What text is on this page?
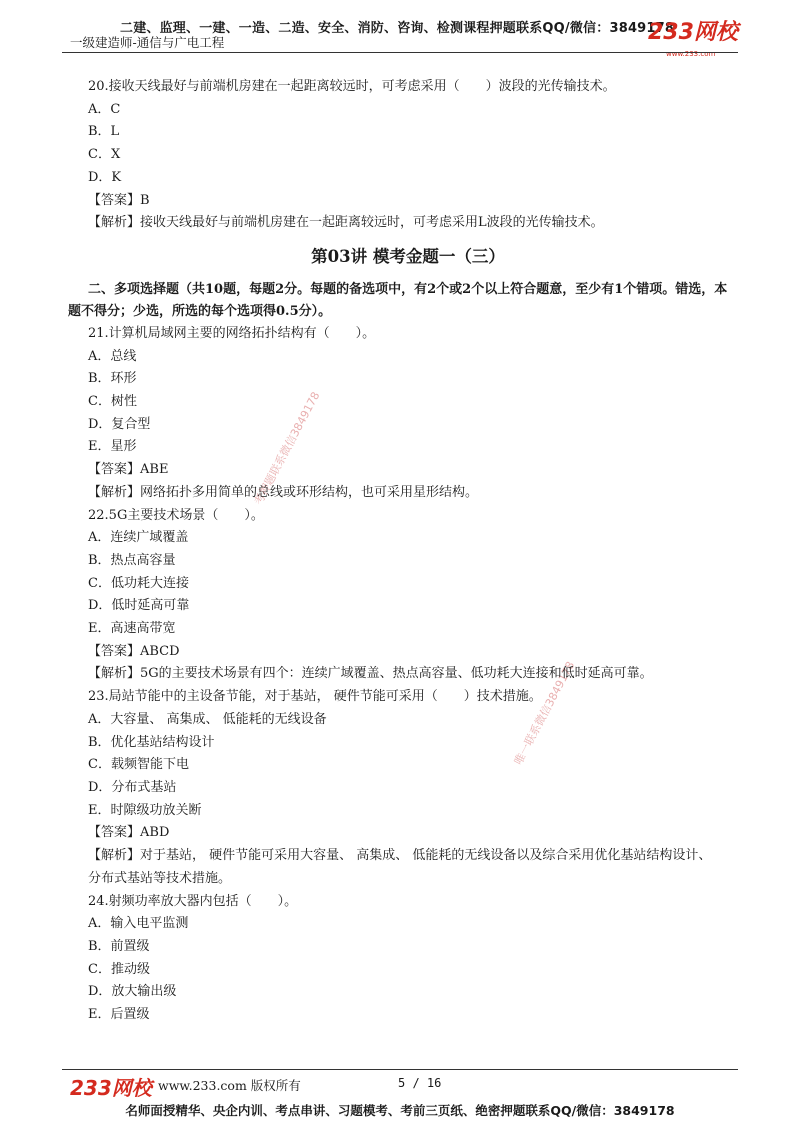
二建、监理、一建、一造、二造、安全、消防、咨询、检测课程押题联系QQ/微信：3849178
一级建造师-通信与广电工程	233网校
www.233.com
考押题联系微信3849178
唯一联系微信3849178
20.接收天线最好与前端机房建在一起距离较远时，可考虑采用（　　）波段的光传输技术。
A．C
B．L
C．X
D．K
【答案】B
【解析】接收天线最好与前端机房建在一起距离较远时，可考虑采用L波段的光传输技术。
第03讲 模考金题一（三）
二、多项选择题（共10题，每题2分。每题的备选项中，有2个或2个以上符合题意，至少有1个错项。错选，本题不得分；少选，所选的每个选项得0.5分）。
21.计算机局域网主要的网络拓扑结构有（　　）。
A．总线
B．环形
C．树性
D．复合型
E．星形
【答案】ABE
【解析】网络拓扑多用简单的总线或环形结构，也可采用星形结构。
22.5G主要技术场景（　　）。
A．连续广域覆盖
B．热点高容量
C．低功耗大连接
D．低时延高可靠
E．高速高带宽
【答案】ABCD
【解析】5G的主要技术场景有四个：连续广域覆盖、热点高容量、低功耗大连接和低时延高可靠。
23.局站节能中的主设备节能，对于基站， 硬件节能可采用（　　）技术措施。
A．大容量、 高集成、 低能耗的无线设备
B．优化基站结构设计
C．载频智能下电
D．分布式基站
E．时隙级功放关断
【答案】ABD
【解析】对于基站， 硬件节能可采用大容量、 高集成、 低能耗的无线设备以及综合采用优化基站结构设计、 分布式基站等技术措施。
24.射频功率放大器内包括（　　）。
A．输入电平监测
B．前置级
C．推动级
D．放大输出级
E．后置级
233网校 www.233.com 版权所有	5 / 16
名师面授精华、央企内训、考点串讲、习题模考、考前三页纸、绝密押题联系QQ/微信：3849178
